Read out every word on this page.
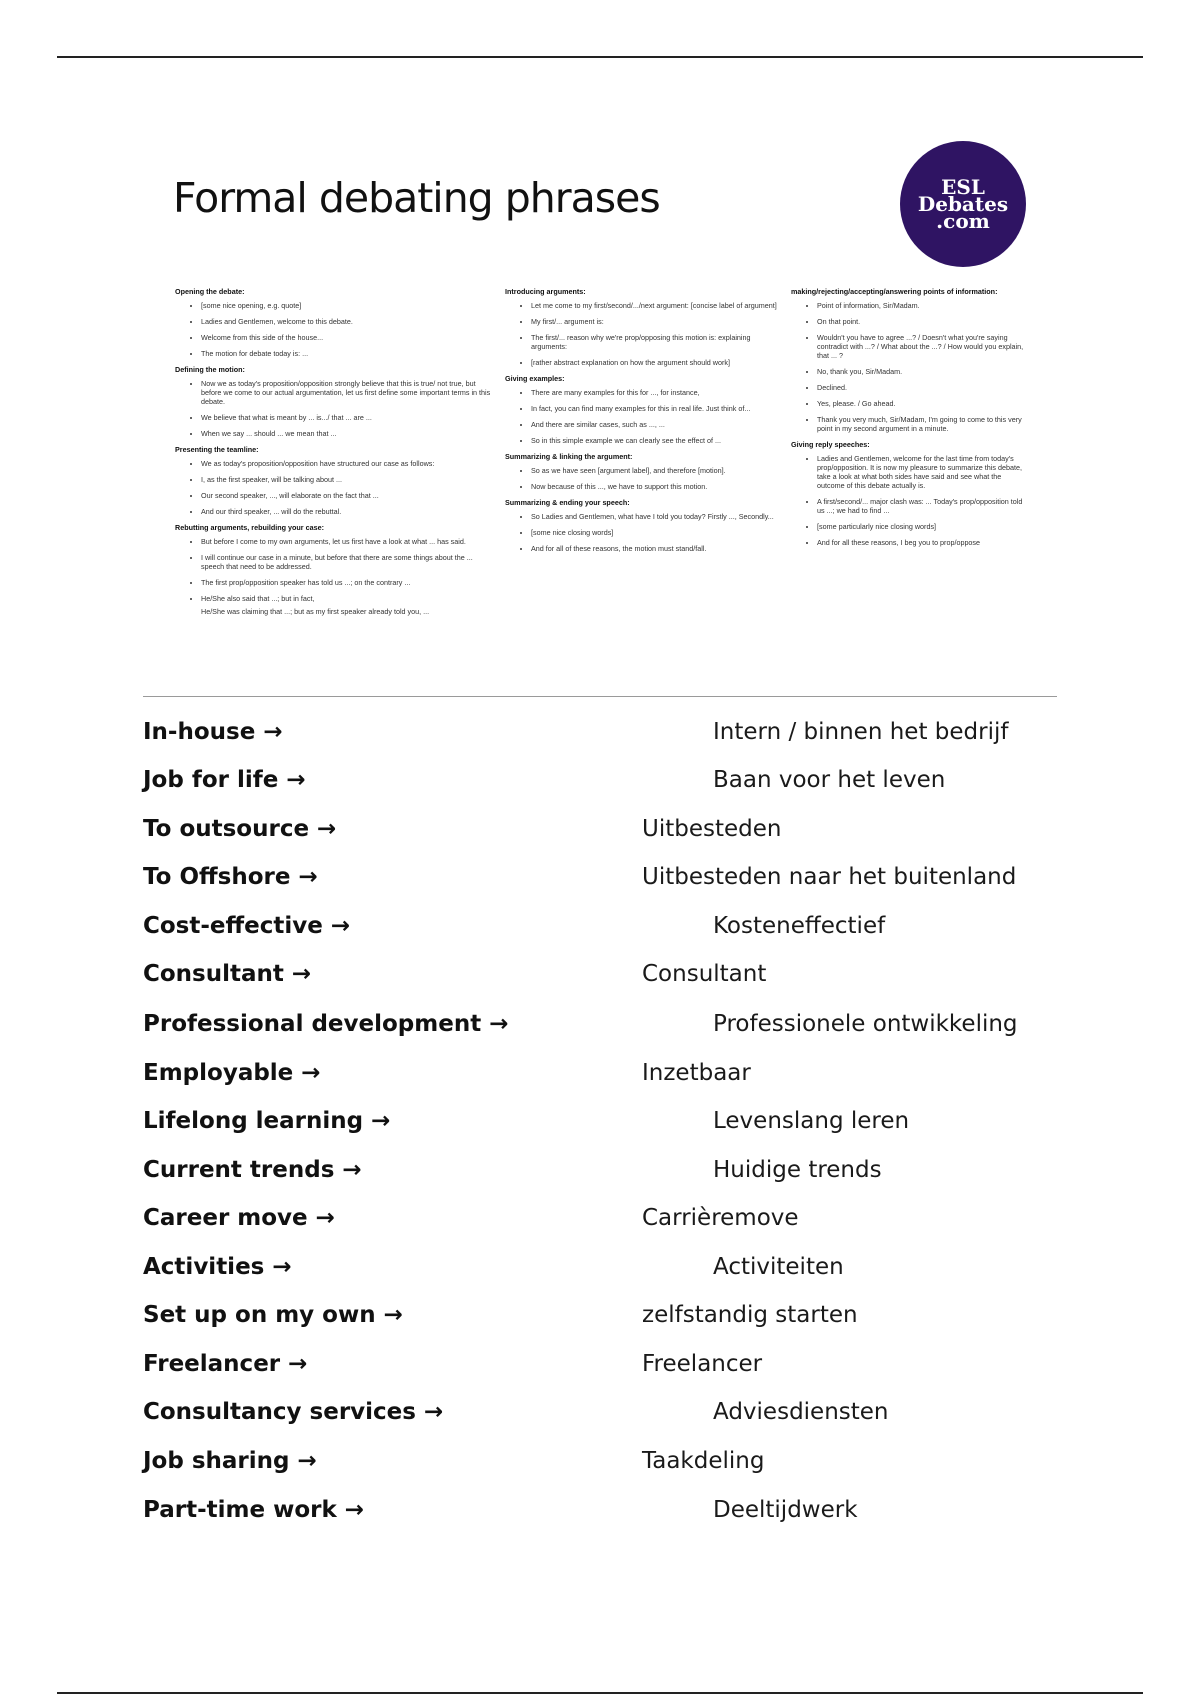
Formal debating phrases	ESL
Debates
.com
Opening the debate:
• [some nice opening, e.g. quote]
• Ladies and Gentlemen, welcome to this debate.
• Welcome from this side of the house...
• The motion for debate today is: ...
Defining the motion:
• Now we as today's proposition/opposition strongly believe that this is true/ not true, but before we come to our actual argumentation, let us first define some important terms in this debate.
• We believe that what is meant by ... is.../ that ... are ...
• When we say ... should ... we mean that ...
Presenting the teamline:
• We as today's proposition/opposition have structured our case as follows:
• I, as the first speaker, will be talking about ...
• Our second speaker, ..., will elaborate on the fact that ...
• And our third speaker, ... will do the rebuttal.
Rebutting arguments, rebuilding your case:
• But before I come to my own arguments, let us first have a look at what ... has said.
• I will continue our case in a minute, but before that there are some things about the ... speech that need to be addressed.
• The first prop/opposition speaker has told us ...; on the contrary ...
• He/She also said that ...; but in fact,
He/She was claiming that ...; but as my first speaker already told you, ...
Introducing arguments:
• Let me come to my first/second/.../next argument: [concise label of argument]
• My first/... argument is:
• The first/... reason why we're prop/opposing this motion is: explaining arguments:
• [rather abstract explanation on how the argument should work]
Giving examples:
• There are many examples for this for ..., for instance,
• In fact, you can find many examples for this in real life. Just think of...
• And there are similar cases, such as ..., ...
• So in this simple example we can clearly see the effect of ...
Summarizing & linking the argument:
• So as we have seen [argument label], and therefore [motion].
• Now because of this ..., we have to support this motion.
Summarizing & ending your speech:
• So Ladies and Gentlemen, what have I told you today? Firstly ..., Secondly...
• [some nice closing words]
• And for all of these reasons, the motion must stand/fall.
making/rejecting/accepting/answering points of information:
• Point of information, Sir/Madam.
• On that point.
• Wouldn't you have to agree ...? / Doesn't what you're saying contradict with ...? / What about the ...? / How would you explain, that ... ?
• No, thank you, Sir/Madam.
• Declined.
• Yes, please. / Go ahead.
• Thank you very much, Sir/Madam, I'm going to come to this very point in my second argument in a minute.
Giving reply speeches:
• Ladies and Gentlemen, welcome for the last time from today's prop/opposition. It is now my pleasure to summarize this debate, take a look at what both sides have said and see what the outcome of this debate actually is.
• A first/second/... major clash was: ... Today's prop/opposition told us ...; we had to find ...
• [some particularly nice closing words]
• And for all these reasons, I beg you to prop/oppose
In-house →	Intern / binnen het bedrijf
Job for life →	Baan voor het leven
To outsource →	Uitbesteden
To Offshore →	Uitbesteden naar het buitenland
Cost-effective →	Kosteneffectief
Consultant →	Consultant
Professional development →	Professionele ontwikkeling
Employable →	Inzetbaar
Lifelong learning →	Levenslang leren
Current trends →	Huidige trends
Career move →	Carrièremove
Activities →	Activiteiten
Set up on my own →	zelfstandig starten
Freelancer →	Freelancer
Consultancy services →	Adviesdiensten
Job sharing →	Taakdeling
Part-time work →	Deeltijdwerk
